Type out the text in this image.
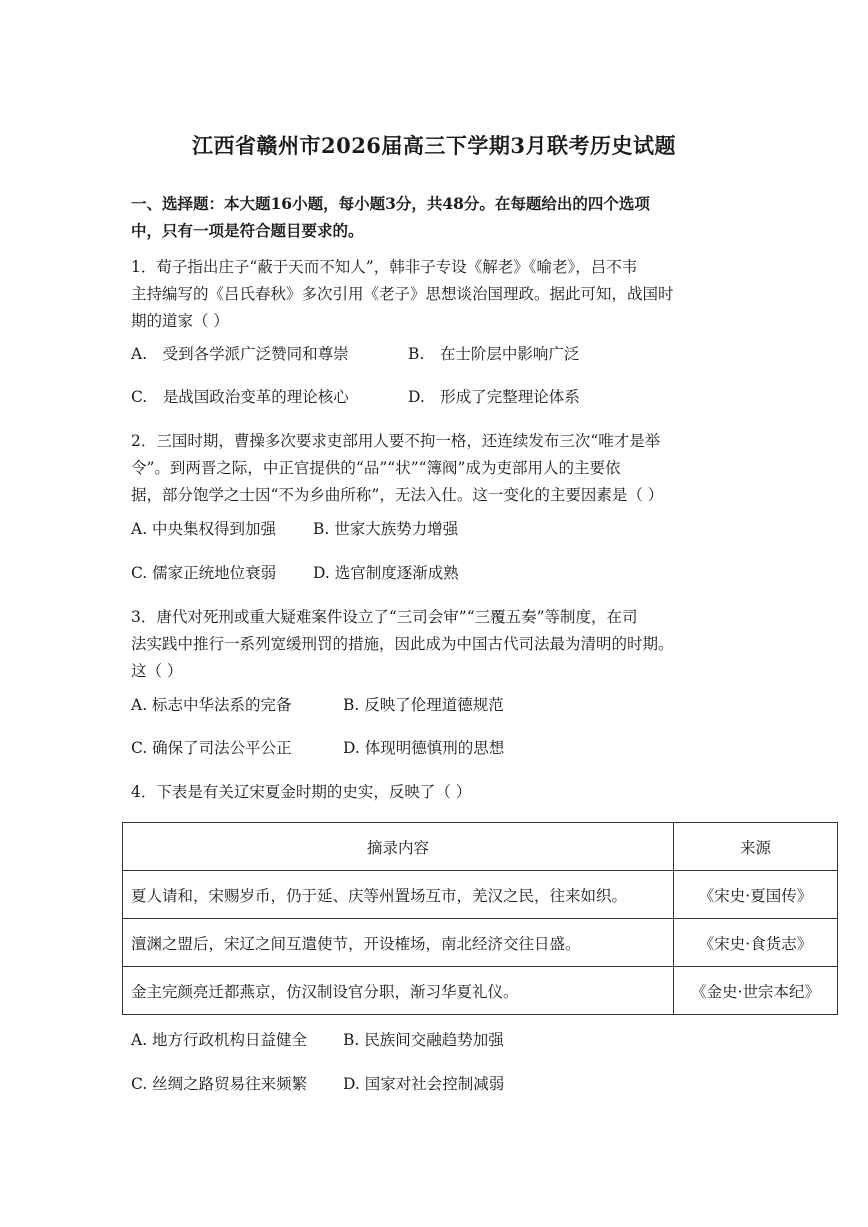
江西省赣州市2026届高三下学期3月联考历史试题
一、选择题：本大题16小题，每小题3分，共48分。在每题给出的四个选项
中，只有一项是符合题目要求的。
1．荀子指出庄子“蔽于天而不知人”，韩非子专设《解老》《喻老》，吕不韦
主持编写的《吕氏春秋》多次引用《老子》思想谈治国理政。据此可知，战国时
期的道家（ ）
A.　受到各学派广泛赞同和尊崇	B.　在士阶层中影响广泛
C.　是战国政治变革的理论核心	D.　形成了完整理论体系
2．三国时期，曹操多次要求吏部用人要不拘一格，还连续发布三次“唯才是举
令”。到两晋之际，中正官提供的“品”“状”“簿阀”成为吏部用人的主要依
据，部分饱学之士因“不为乡曲所称”，无法入仕。这一变化的主要因素是（ ）
A. 中央集权得到加强 B. 世家大族势力增强
C. 儒家正统地位衰弱 D. 选官制度逐渐成熟
3．唐代对死刑或重大疑难案件设立了“三司会审”“三覆五奏”等制度，在司
法实践中推行一系列宽缓刑罚的措施，因此成为中国古代司法最为清明的时期。
这（ ）
A. 标志中华法系的完备	B. 反映了伦理道德规范
C. 确保了司法公平公正	D. 体现明德慎刑的思想
4．下表是有关辽宋夏金时期的史实，反映了（ ）
摘录内容	来源
夏人请和，宋赐岁币，仍于延、庆等州置场互市，羌汉之民，往来如织。	《宋史·夏国传》
澶渊之盟后，宋辽之间互遣使节，开设榷场，南北经济交往日盛。	《宋史·食货志》
金主完颜亮迁都燕京，仿汉制设官分职，渐习华夏礼仪。	《金史·世宗本纪》
A. 地方行政机构日益健全 B. 民族间交融趋势加强
C. 丝绸之路贸易往来频繁 D. 国家对社会控制减弱
